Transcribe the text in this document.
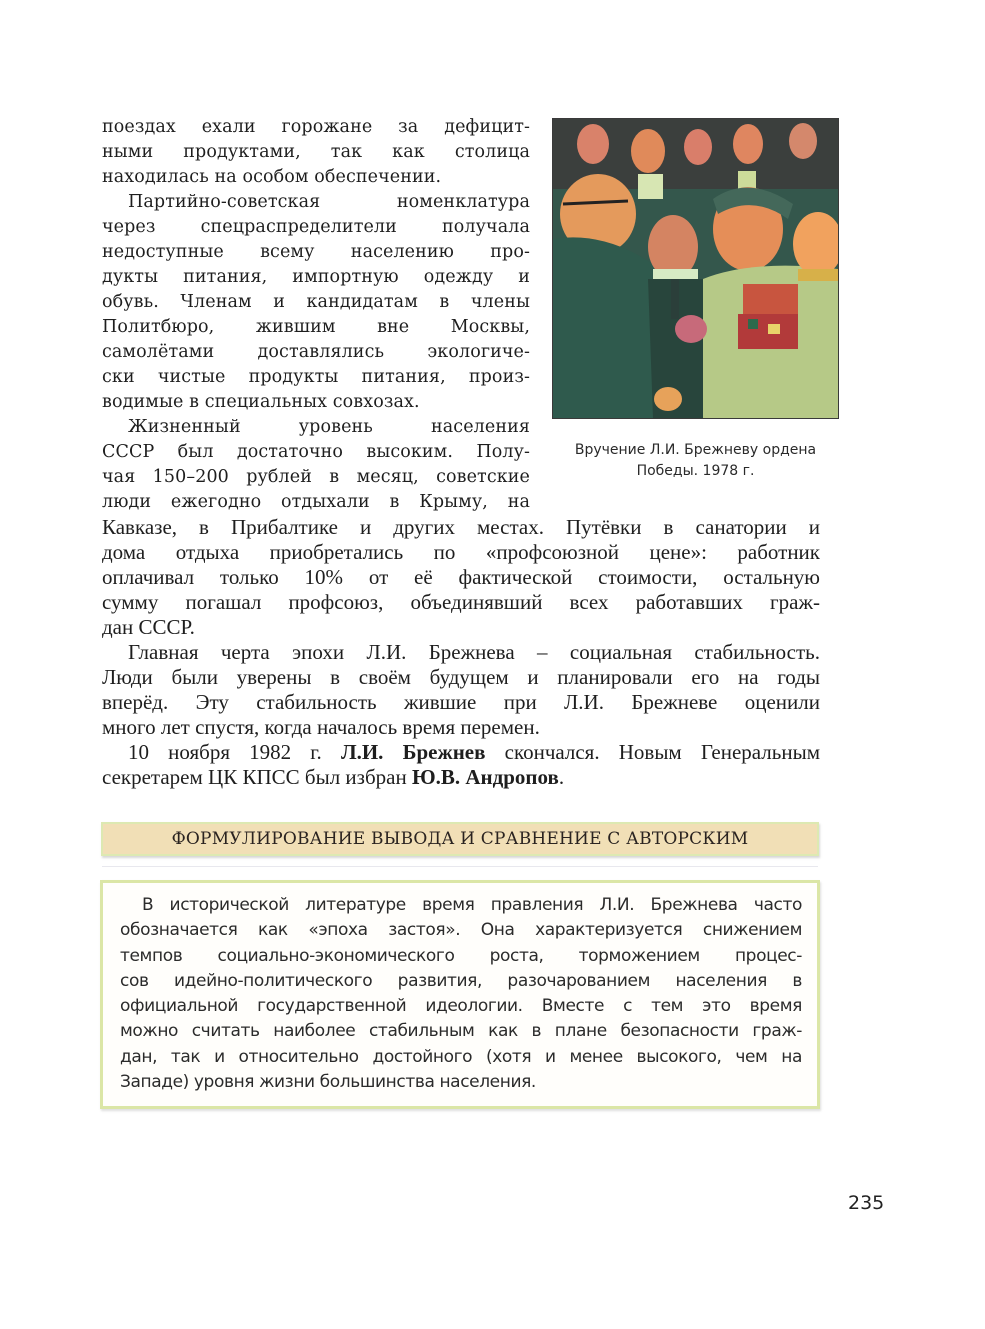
поездах ехали горожане за дефицит-
ными продуктами, так как столица
находилась на особом обеспечении.
Партийно-советская номенклатура
через спецраспределители получала
недоступные всему населению про-
дукты питания, импортную одежду и
обувь. Членам и кандидатам в члены
Политбюро, жившим вне Москвы,
самолётами доставлялись экологиче-
ски чистые продукты питания, произ-
водимые в специальных совхозах.
Жизненный уровень населения
СССР был достаточно высоким. Полу-
чая 150–200 рублей в месяц, советские
люди ежегодно отдыхали в Крыму, на
Вручение Л.И. Брежневу ордена
Победы. 1978 г.
Кавказе, в Прибалтике и других местах. Путёвки в санатории и
дома отдыха приобретались по «профсоюзной цене»: работник
оплачивал только 10% от её фактической стоимости, остальную
сумму погашал профсоюз, объединявший всех работавших граж-
дан СССР.
Главная черта эпохи Л.И. Брежнева – социальная стабильность.
Люди были уверены в своём будущем и планировали его на годы
вперёд. Эту стабильность жившие при Л.И. Брежневе оценили
много лет спустя, когда началось время перемен.
10 ноября 1982 г. Л.И. Брежнев скончался. Новым Генеральным
секретарем ЦК КПСС был избран Ю.В. Андропов.
ФОРМУЛИРОВАНИЕ ВЫВОДА И СРАВНЕНИЕ С АВТОРСКИМ
В исторической литературе время правления Л.И. Брежнева часто
обозначается как «эпоха застоя». Она характеризуется снижением
темпов социально-экономического роста, торможением процес-
сов идейно-политического развития, разочарованием населения в
официальной государственной идеологии. Вместе с тем это время
можно считать наиболее стабильным как в плане безопасности граж-
дан, так и относительно достойного (хотя и менее высокого, чем на
Западе) уровня жизни большинства населения.
235
